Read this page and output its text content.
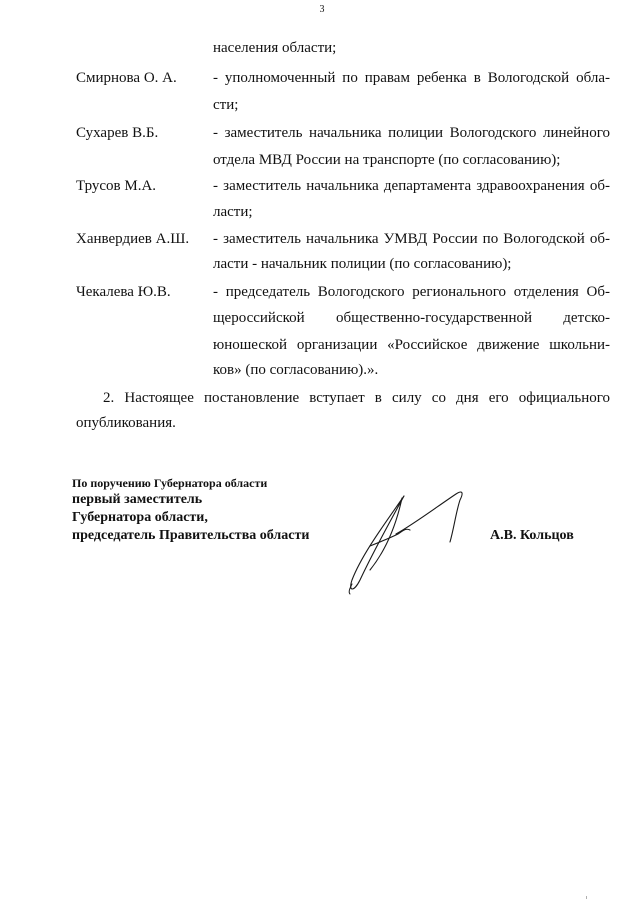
3
населения области;
Смирнова О. А. - уполномоченный по правам ребенка в Вологодской обла-
сти;
Сухарев В.Б.	- заместитель начальника полиции Вологодского линейного
отдела МВД России на транспорте (по согласованию);
Трусов М.А.	- заместитель начальника департамента здравоохранения об-
ласти;
Ханвердиев А.Ш. - заместитель начальника УМВД России по Вологодской об-
ласти - начальник полиции (по согласованию);
Чекалева Ю.В.	- председатель Вологодского регионального отделения Об-
щероссийской общественно-государственной детско-
юношеской организации «Российское движение школьни-
ков» (по согласованию).».
2. Настоящее постановление вступает в силу со дня его официального
опубликования.
По поручению Губернатора области
первый заместитель
Губернатора области,
председатель Правительства области	А.В. Кольцов
